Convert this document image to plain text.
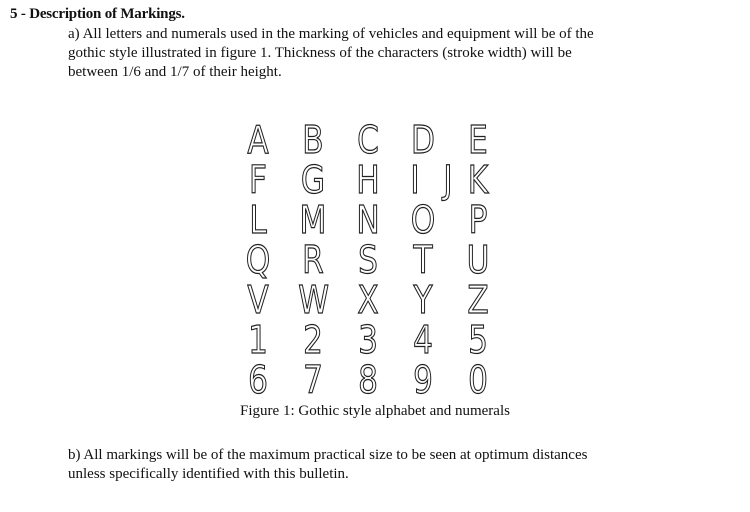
5 - Description of Markings.
a) All letters and numerals used in the marking of vehicles and equipment will be of the
gothic style illustrated in figure 1. Thickness of the characters (stroke width) will be
between 1/6 and 1/7 of their height.
A B C D E
F G H I J K
L M N O P
Q R S T U
V W X Y Z
1 2 3 4 5
6 7 8 9 0
Figure 1: Gothic style alphabet and numerals
b) All markings will be of the maximum practical size to be seen at optimum distances
unless specifically identified with this bulletin.
